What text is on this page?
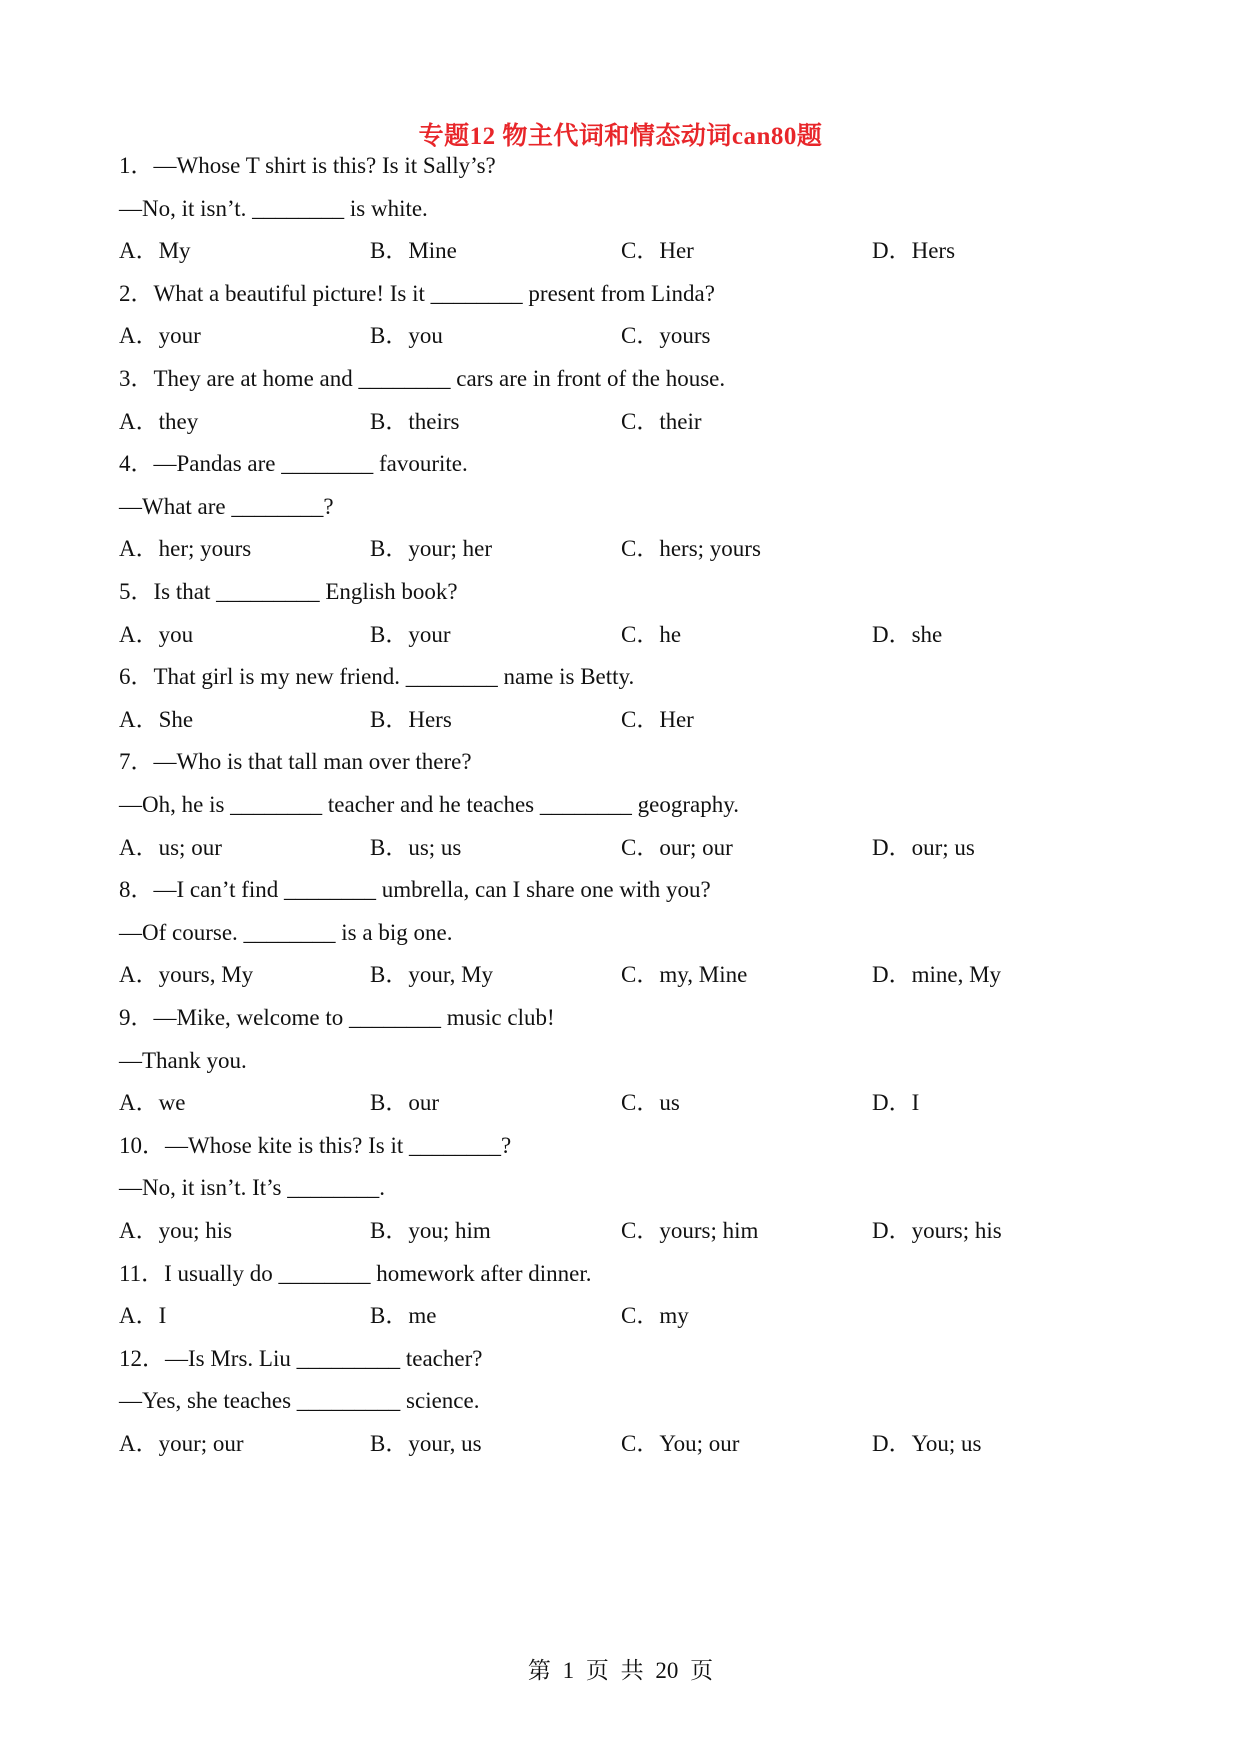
专题12 物主代词和情态动词can80题
1．—Whose T shirt is this? Is it Sally’s?
—No, it isn’t. ________ is white.
A．My	B．Mine	C．Her	D．Hers
2．What a beautiful picture! Is it ________ present from Linda?
A．your	B．you	C．yours
3．They are at home and ________ cars are in front of the house.
A．they	B．theirs	C．their
4．—Pandas are ________ favourite.
—What are ________?
A．her; yours	B．your; her	C．hers; yours
5．Is that _________ English book?
A．you	B．your	C．he	D．she
6．That girl is my new friend. ________ name is Betty.
A．She	B．Hers	C．Her
7．—Who is that tall man over there?
—Oh, he is ________ teacher and he teaches ________ geography.
A．us; our	B．us; us	C．our; our	D．our; us
8．—I can’t find ________ umbrella, can I share one with you?
—Of course. ________ is a big one.
A．yours, My	B．your, My	C．my, Mine	D．mine, My
9．—Mike, welcome to ________ music club!
—Thank you.
A．we	B．our	C．us	D．I
10．—Whose kite is this? Is it ________?
—No, it isn’t. It’s ________.
A．you; his	B．you; him	C．yours; him	D．yours; his
11．I usually do ________ homework after dinner.
A．I	B．me	C．my
12．—Is Mrs. Liu _________ teacher?
—Yes, she teaches _________ science.
A．your; our	B．your, us	C．You; our	D．You; us
第 1 页 共 20 页
